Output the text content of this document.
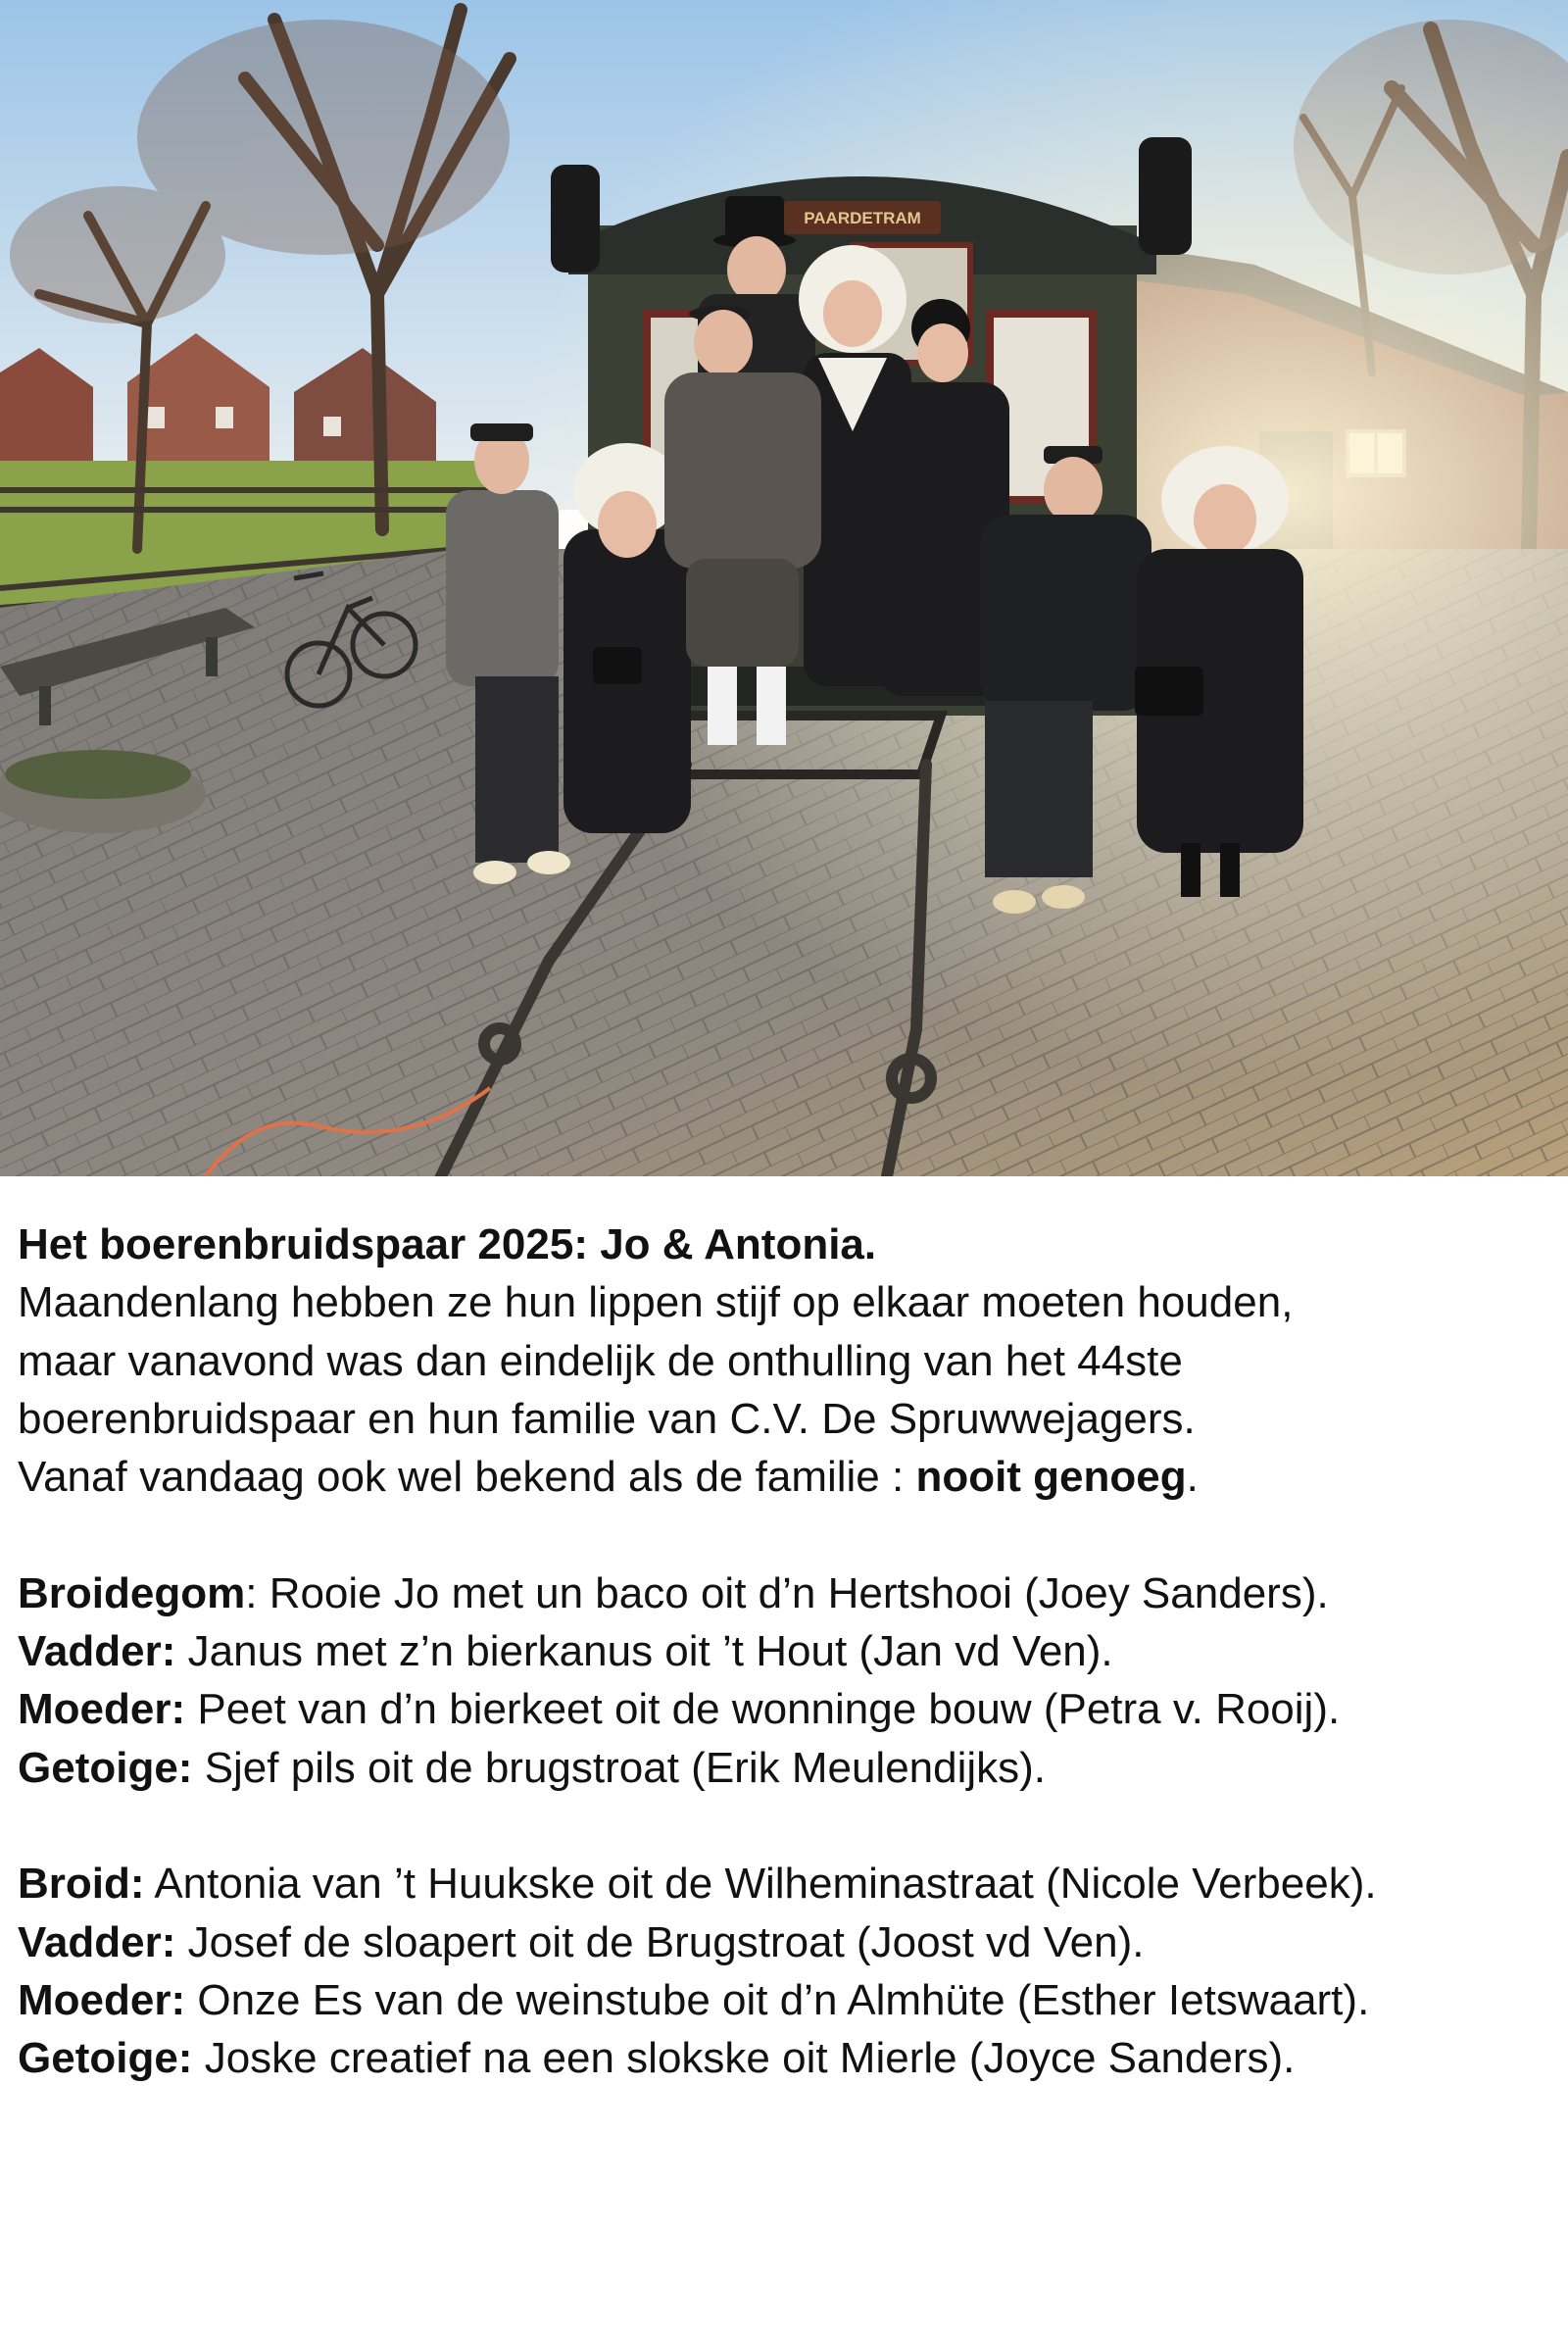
PAARDETRAM
Het boerenbruidspaar 2025: Jo & Antonia.
Maandenlang hebben ze hun lippen stijf op elkaar moeten houden,
maar vanavond was dan eindelijk de onthulling van het 44ste
boerenbruidspaar en hun familie van C.V. De Spruwwejagers.
Vanaf vandaag ook wel bekend als de familie : nooit genoeg.
Broidegom: Rooie Jo met un baco oit d’n Hertshooi (Joey Sanders).
Vadder: Janus met z’n bierkanus oit ’t Hout (Jan vd Ven).
Moeder: Peet van d’n bierkeet oit de wonninge bouw (Petra v. Rooij).
Getoige: Sjef pils oit de brugstroat (Erik Meulendijks).
Broid: Antonia van ’t Huukske oit de Wilheminastraat (Nicole Verbeek).
Vadder: Josef de sloapert oit de Brugstroat (Joost vd Ven).
Moeder: Onze Es van de weinstube oit d’n Almhüte (Esther Ietswaart).
Getoige: Joske creatief na een slokske oit Mierle (Joyce Sanders).
